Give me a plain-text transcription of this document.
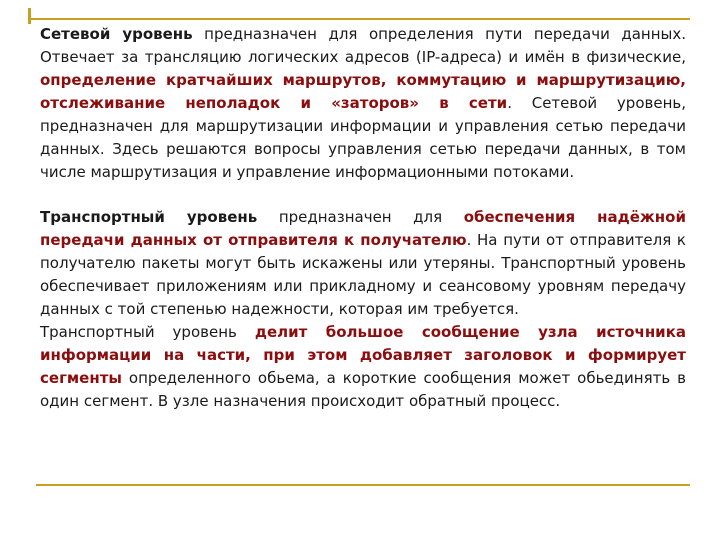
Сетевой уровень предназначен для определения пути передачи данных. Отвечает за трансляцию логических адресов (IP-адреса) и имён в физические, определение кратчайших маршрутов, коммутацию и маршрутизацию, отслеживание неполадок и «заторов» в сети. Сетевой уровень, предназначен для маршрутизации информации и управления сетью передачи данных. Здесь решаются вопросы управления сетью передачи данных, в том числе маршрутизация и управление информационными потоками.

Транспортный уровень предназначен для обеспечения надёжной передачи данных от отправителя к получателю. На пути от отправителя к получателю пакеты могут быть искажены или утеряны. Транспортный уровень обеспечивает приложениям или прикладному и сеансовому уровням передачу данных с той степенью надежности, которая им требуется.

Транспортный уровень делит большое сообщение узла источника информации на части, при этом добавляет заголовок и формирует сегменты определенного обьема, а короткие сообщения может обьединять в один сегмент. В узле назначения происходит обратный процесс.
